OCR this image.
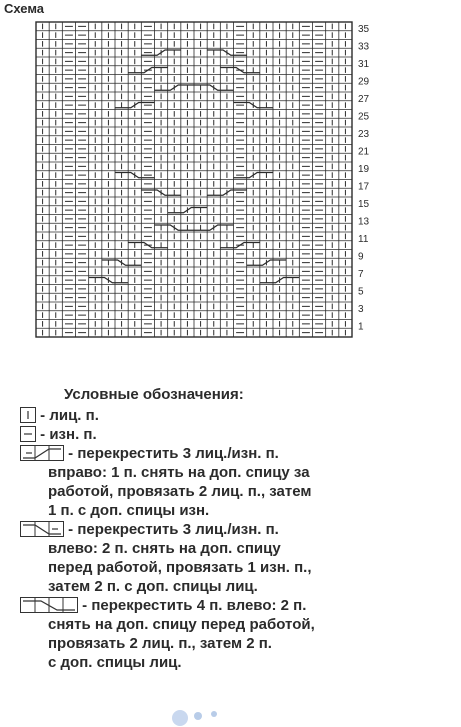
Схема
35
33
31
29
27
25
23
21
19
17
15
13
11
9
7
5
3
1
Условные обозначения:
- лиц. п.
- изн. п.
- перекрестить 3 лиц./изн. п.
вправо: 1 п. снять на доп. спицу за
работой, провязать 2 лиц. п., затем
1 п. с доп. спицы изн.
- перекрестить 3 лиц./изн. п.
влево: 2 п. снять на доп. спицу
перед работой, провязать 1 изн. п.,
затем 2 п. с доп. спицы лиц.
- перекрестить 4 п. влево: 2 п.
снять на доп. спицу перед работой,
провязать 2 лиц. п., затем 2 п.
с доп. спицы лиц.
